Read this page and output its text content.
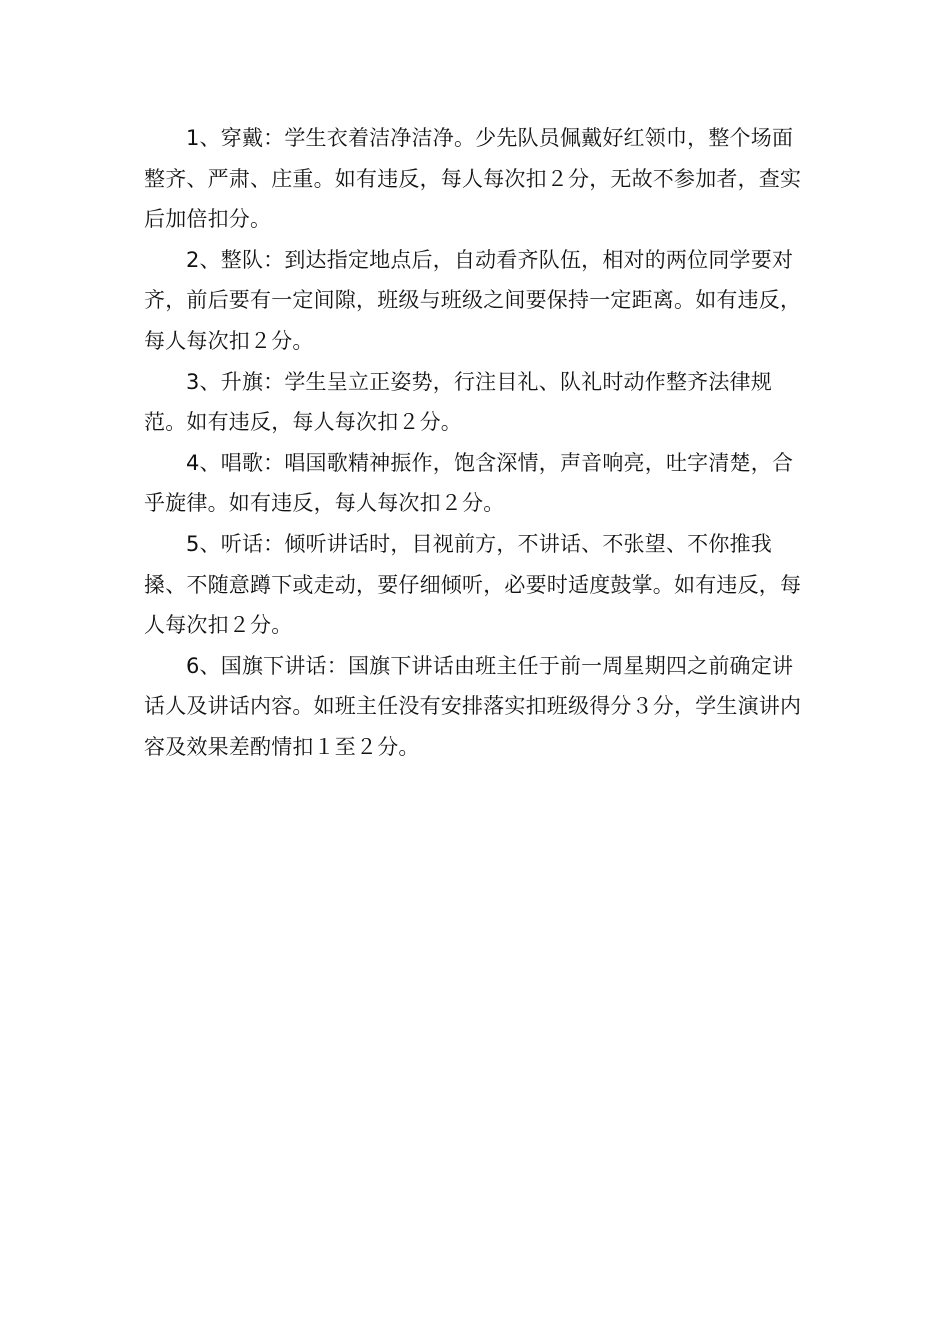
1、穿戴：学生衣着洁净洁净。少先队员佩戴好红领巾，整个场面整齐、严肃、庄重。如有违反，每人每次扣２分，无故不参加者，查实后加倍扣分。

2、整队：到达指定地点后，自动看齐队伍，相对的两位同学要对齐，前后要有一定间隙，班级与班级之间要保持一定距离。如有违反，每人每次扣２分。

3、升旗：学生呈立正姿势，行注目礼、队礼时动作整齐法律规范。如有违反，每人每次扣２分。

4、唱歌：唱国歌精神振作，饱含深情，声音响亮，吐字清楚，合乎旋律。如有违反，每人每次扣２分。

5、听话：倾听讲话时，目视前方，不讲话、不张望、不你推我搡、不随意蹲下或走动，要仔细倾听，必要时适度鼓掌。如有违反，每人每次扣２分。

6、国旗下讲话：国旗下讲话由班主任于前一周星期四之前确定讲话人及讲话内容。如班主任没有安排落实扣班级得分３分，学生演讲内容及效果差酌情扣１至２分。
